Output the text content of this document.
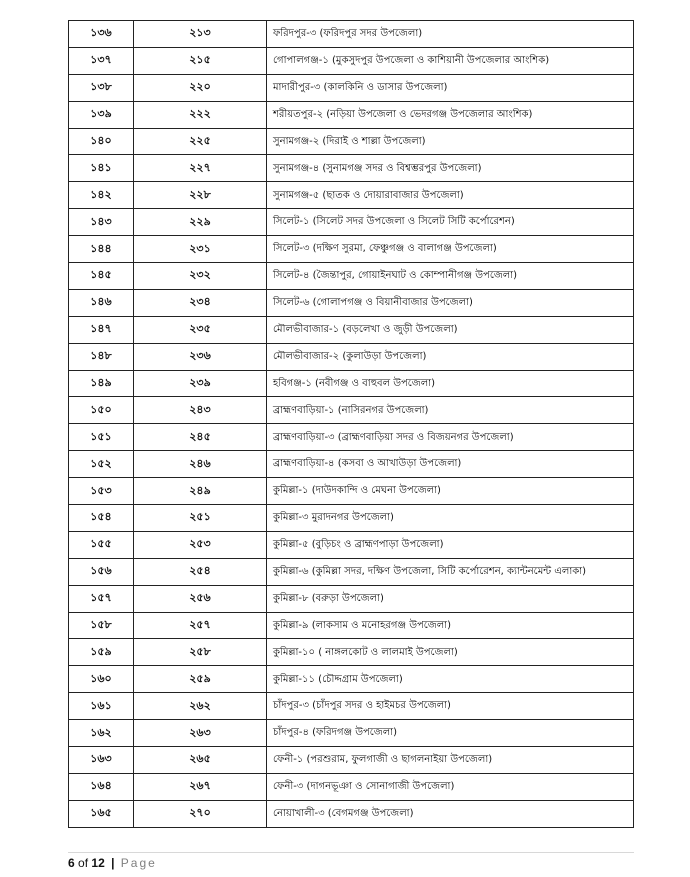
১৩৬	২১৩	ফরিদপুর-৩ (ফরিদপুর সদর উপজেলা)
১৩৭	২১৫	গোপালগঞ্জ-১ (মুকসুদপুর উপজেলা ও কাশিয়ানী উপজেলার আংশিক)
১৩৮	২২০	মাদারীপুর-৩ (কালকিনি ও ডাসার উপজেলা)
১৩৯	২২২	শরীয়তপুর-২ (নড়িয়া উপজেলা ও ভেদরগঞ্জ উপজেলার আংশিক)
১৪০	২২৫	সুনামগঞ্জ-২ (দিরাই ও শাল্লা উপজেলা)
১৪১	২২৭	সুনামগঞ্জ-৪ (সুনামগঞ্জ সদর ও বিশ্বম্ভরপুর উপজেলা)
১৪২	২২৮	সুনামগঞ্জ-৫ (ছাতক ও দোয়ারাবাজার উপজেলা)
১৪৩	২২৯	সিলেট-১ (সিলেট সদর উপজেলা ও সিলেট সিটি কর্পোরেশন)
১৪৪	২৩১	সিলেট-৩ (দক্ষিণ সুরমা, ফেঞ্চুগঞ্জ ও বালাগঞ্জ উপজেলা)
১৪৫	২৩২	সিলেট-৪ (জৈন্তাপুর, গোয়াইনঘাট ও কোম্পানীগঞ্জ উপজেলা)
১৪৬	২৩৪	সিলেট-৬ (গোলাপগঞ্জ ও বিয়ানীবাজার উপজেলা)
১৪৭	২৩৫	মৌলভীবাজার-১ (বড়লেখা ও জুড়ী উপজেলা)
১৪৮	২৩৬	মৌলভীবাজার-২ (কুলাউড়া উপজেলা)
১৪৯	২৩৯	হবিগঞ্জ-১ (নবীগঞ্জ ও বাহুবল উপজেলা)
১৫০	২৪৩	ব্রাহ্মণবাড়িয়া-১ (নাসিরনগর উপজেলা)
১৫১	২৪৫	ব্রাহ্মণবাড়িয়া-৩ (ব্রাহ্মণবাড়িয়া সদর ও বিজয়নগর উপজেলা)
১৫২	২৪৬	ব্রাহ্মণবাড়িয়া-৪ (কসবা ও আখাউড়া উপজেলা)
১৫৩	২৪৯	কুমিল্লা-১ (দাউদকান্দি ও মেঘনা উপজেলা)
১৫৪	২৫১	কুমিল্লা-৩ মুরাদনগর উপজেলা)
১৫৫	২৫৩	কুমিল্লা-৫ (বুড়িচং ও ব্রাহ্মণপাড়া উপজেলা)
১৫৬	২৫৪	কুমিল্লা-৬ (কুমিল্লা সদর, দক্ষিণ উপজেলা, সিটি কর্পোরেশন, ক্যান্টনমেন্ট এলাকা)
১৫৭	২৫৬	কুমিল্লা-৮ (বরুড়া উপজেলা)
১৫৮	২৫৭	কুমিল্লা-৯ (লাকসাম ও মনোহরগঞ্জ উপজেলা)
১৫৯	২৫৮	কুমিল্লা-১০ ( নাঙ্গলকোট ও লালমাই উপজেলা)
১৬০	২৫৯	কুমিল্লা-১১ (চৌদ্দগ্রাম উপজেলা)
১৬১	২৬২	চাঁদপুর-৩ (চাঁদপুর সদর ও হাইমচর উপজেলা)
১৬২	২৬৩	চাঁদপুর-৪ (ফরিদগঞ্জ উপজেলা)
১৬৩	২৬৫	ফেনী-১ (পরশুরাম, ফুলগাজী ও ছাগলনাইয়া উপজেলা)
১৬৪	২৬৭	ফেনী-৩ (দাগনভূঞা ও সোনাগাজী উপজেলা)
১৬৫	২৭০	নোয়াখালী-৩ (বেগমগঞ্জ উপজেলা)
6 of 12 | Page
